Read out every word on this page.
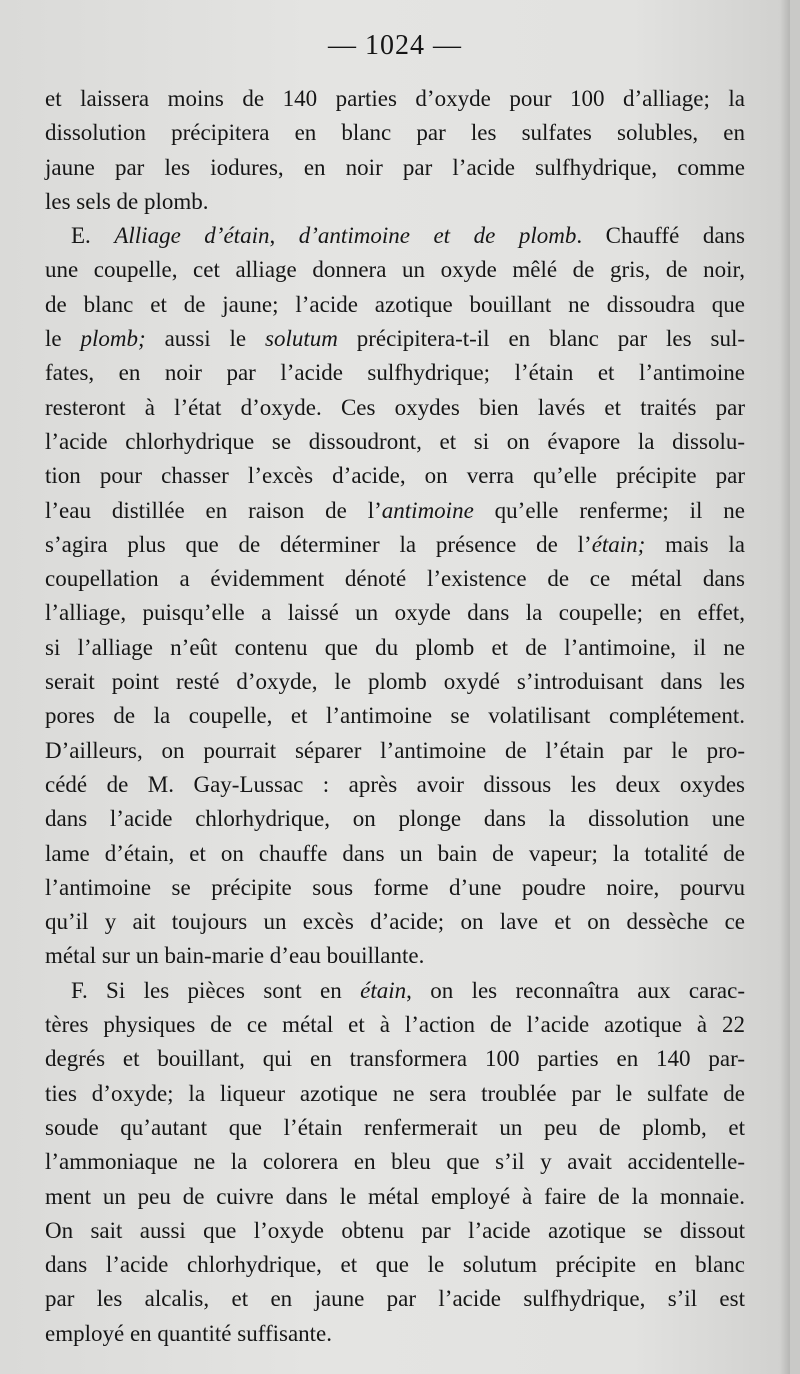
— 1024 —
et laissera moins de 140 parties d’oxyde pour 100 d’alliage; la
dissolution précipitera en blanc par les sulfates solubles, en
jaune par les iodures, en noir par l’acide sulfhydrique, comme
les sels de plomb.
E. Alliage d’étain, d’antimoine et de plomb. Chauffé dans
une coupelle, cet alliage donnera un oxyde mêlé de gris, de noir,
de blanc et de jaune; l’acide azotique bouillant ne dissoudra que
le plomb; aussi le solutum précipitera-t-il en blanc par les sul-
fates, en noir par l’acide sulfhydrique; l’étain et l’antimoine
resteront à l’état d’oxyde. Ces oxydes bien lavés et traités par
l’acide chlorhydrique se dissoudront, et si on évapore la dissolu-
tion pour chasser l’excès d’acide, on verra qu’elle précipite par
l’eau distillée en raison de l’antimoine qu’elle renferme; il ne
s’agira plus que de déterminer la présence de l’étain; mais la
coupellation a évidemment dénoté l’existence de ce métal dans
l’alliage, puisqu’elle a laissé un oxyde dans la coupelle; en effet,
si l’alliage n’eût contenu que du plomb et de l’antimoine, il ne
serait point resté d’oxyde, le plomb oxydé s’introduisant dans les
pores de la coupelle, et l’antimoine se volatilisant complétement.
D’ailleurs, on pourrait séparer l’antimoine de l’étain par le pro-
cédé de M. Gay-Lussac : après avoir dissous les deux oxydes
dans l’acide chlorhydrique, on plonge dans la dissolution une
lame d’étain, et on chauffe dans un bain de vapeur; la totalité de
l’antimoine se précipite sous forme d’une poudre noire, pourvu
qu’il y ait toujours un excès d’acide; on lave et on dessèche ce
métal sur un bain-marie d’eau bouillante.
F. Si les pièces sont en étain, on les reconnaîtra aux carac-
tères physiques de ce métal et à l’action de l’acide azotique à 22
degrés et bouillant, qui en transformera 100 parties en 140 par-
ties d’oxyde; la liqueur azotique ne sera troublée par le sulfate de
soude qu’autant que l’étain renfermerait un peu de plomb, et
l’ammoniaque ne la colorera en bleu que s’il y avait accidentelle-
ment un peu de cuivre dans le métal employé à faire de la monnaie.
On sait aussi que l’oxyde obtenu par l’acide azotique se dissout
dans l’acide chlorhydrique, et que le solutum précipite en blanc
par les alcalis, et en jaune par l’acide sulfhydrique, s’il est
employé en quantité suffisante.
